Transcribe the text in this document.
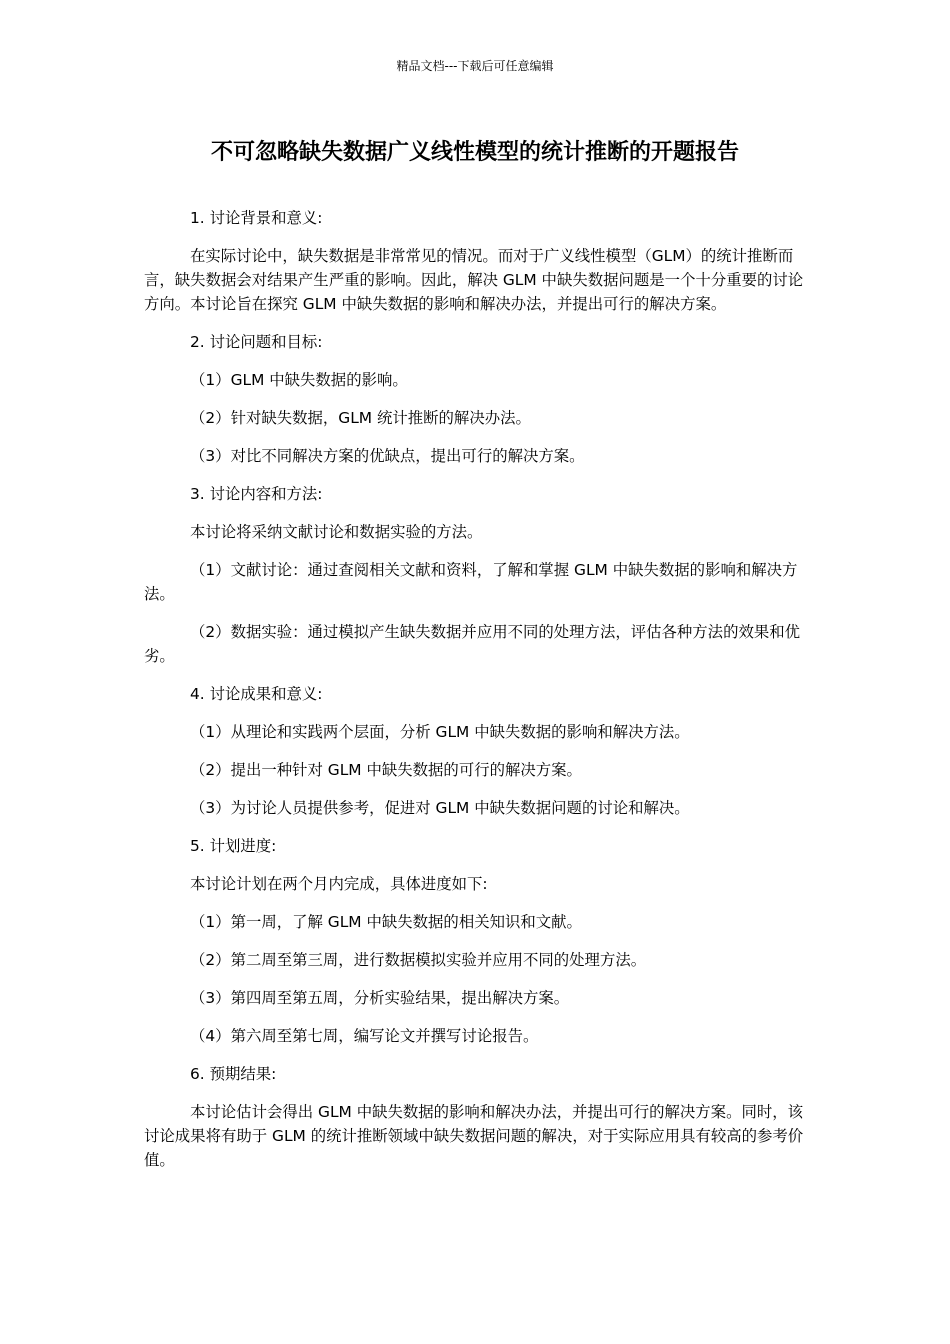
精品文档---下载后可任意编辑
不可忽略缺失数据广义线性模型的统计推断的开题报告

1. 讨论背景和意义:

在实际讨论中，缺失数据是非常常见的情况。而对于广义线性模型（GLM）的统计推断而言，缺失数据会对结果产生严重的影响。因此，解决 GLM 中缺失数据问题是一个十分重要的讨论方向。本讨论旨在探究 GLM 中缺失数据的影响和解决办法，并提出可行的解决方案。

2. 讨论问题和目标:

（1）GLM 中缺失数据的影响。

（2）针对缺失数据，GLM 统计推断的解决办法。

（3）对比不同解决方案的优缺点，提出可行的解决方案。

3. 讨论内容和方法:

本讨论将采纳文献讨论和数据实验的方法。

（1）文献讨论：通过查阅相关文献和资料，了解和掌握 GLM 中缺失数据的影响和解决方法。

（2）数据实验：通过模拟产生缺失数据并应用不同的处理方法，评估各种方法的效果和优劣。

4. 讨论成果和意义:

（1）从理论和实践两个层面，分析 GLM 中缺失数据的影响和解决方法。

（2）提出一种针对 GLM 中缺失数据的可行的解决方案。

（3）为讨论人员提供参考，促进对 GLM 中缺失数据问题的讨论和解决。

5. 计划进度:

本讨论计划在两个月内完成，具体进度如下:

（1）第一周，了解 GLM 中缺失数据的相关知识和文献。

（2）第二周至第三周，进行数据模拟实验并应用不同的处理方法。

（3）第四周至第五周，分析实验结果，提出解决方案。

（4）第六周至第七周，编写论文并撰写讨论报告。

6. 预期结果:

本讨论估计会得出 GLM 中缺失数据的影响和解决办法，并提出可行的解决方案。同时，该讨论成果将有助于 GLM 的统计推断领域中缺失数据问题的解决，对于实际应用具有较高的参考价值。
